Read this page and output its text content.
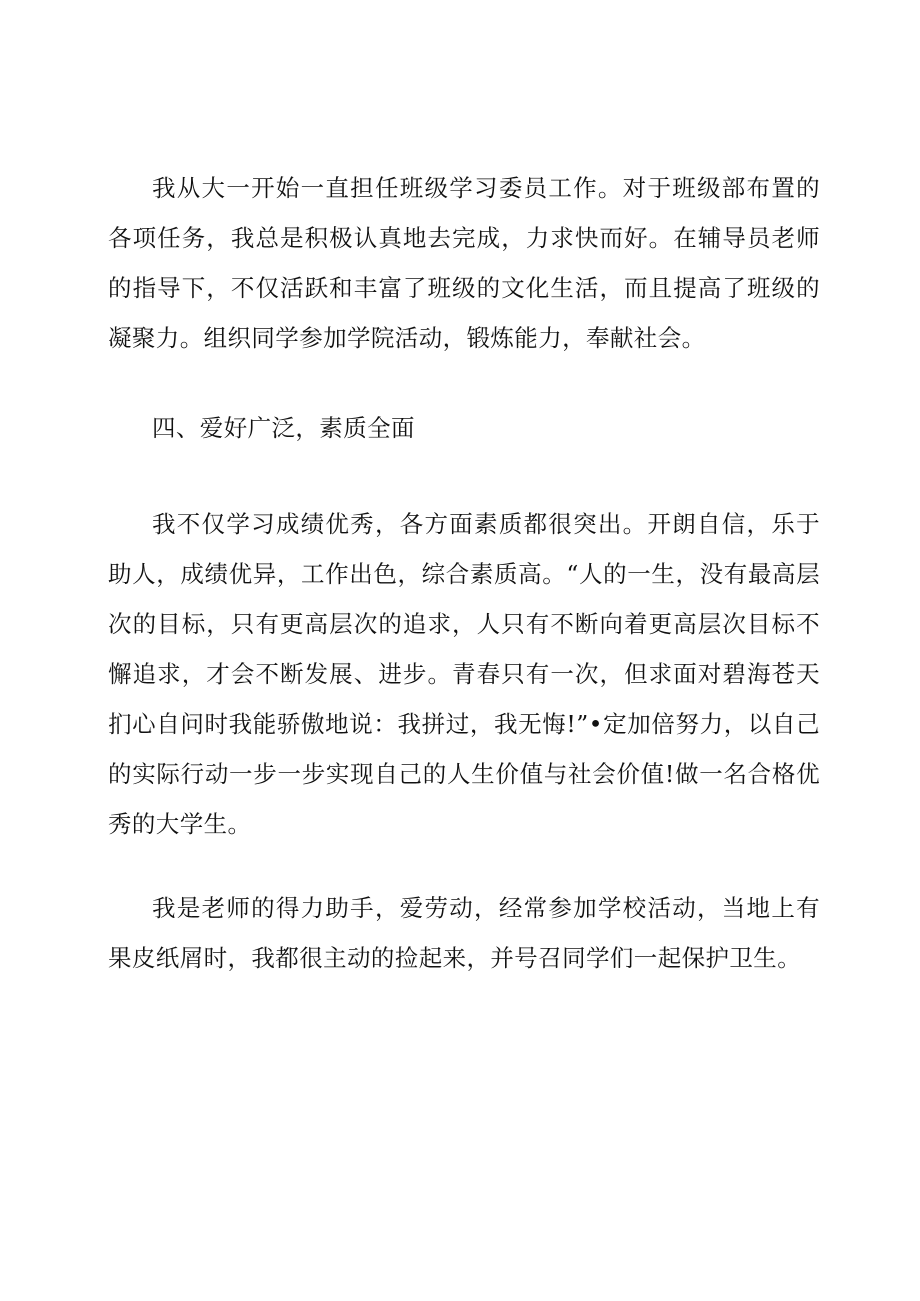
我从大一开始一直担任班级学习委员工作。对于班级部布置的各项任务，我总是积极认真地去完成，力求快而好。在辅导员老师的指导下，不仅活跃和丰富了班级的文化生活，而且提高了班级的凝聚力。组织同学参加学院活动，锻炼能力，奉献社会。

四、爱好广泛，素质全面

我不仅学习成绩优秀，各方面素质都很突出。开朗自信，乐于助人，成绩优异，工作出色，综合素质高。“人的一生，没有最高层次的目标，只有更高层次的追求，人只有不断向着更高层次目标不懈追求，才会不断发展、进步。青春只有一次，但求面对碧海苍天扪心自问时我能骄傲地说：我拼过，我无悔!”•定加倍努力，以自己的实际行动一步一步实现自己的人生价值与社会价值!做一名合格优秀的大学生。

我是老师的得力助手，爱劳动，经常参加学校活动，当地上有果皮纸屑时，我都很主动的捡起来，并号召同学们一起保护卫生。
